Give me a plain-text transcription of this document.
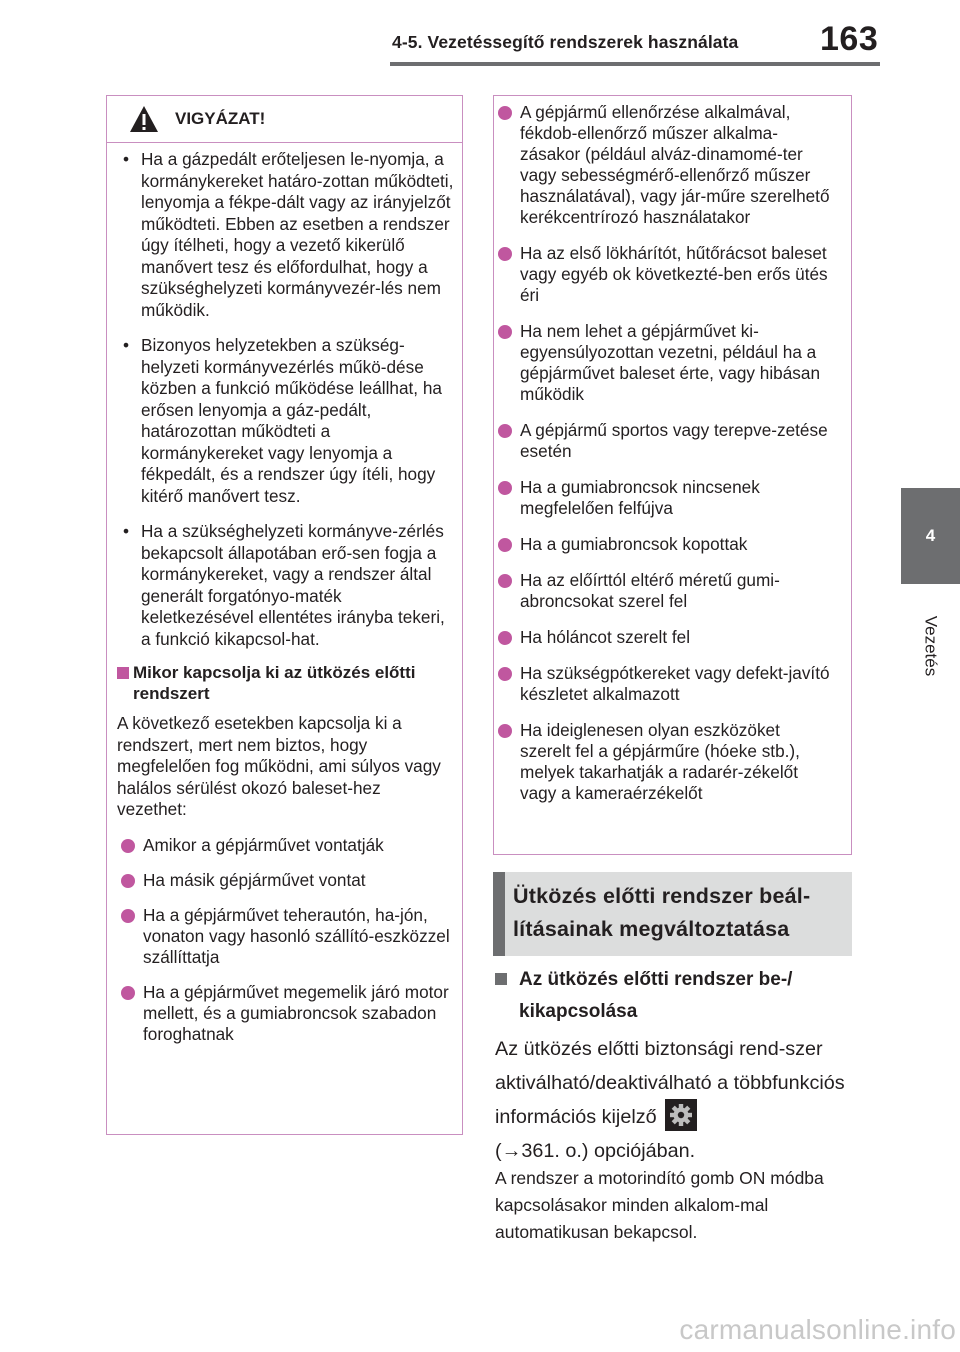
4-5. Vezetéssegítő rendszerek használata 163
4
Vezetés
VIGYÁZAT!
• Ha a gázpedált erőteljesen le-nyomja, a kormánykereket határo-zottan működteti, lenyomja a fékpe-dált vagy az irányjelzőt működteti. Ebben az esetben a rendszer úgy ítélheti, hogy a vezető kikerülő manővert tesz és előfordulhat, hogy a szükséghelyzeti kormányvezér-lés nem működik.
• Bizonyos helyzetekben a szükség-helyzeti kormányvezérlés műkö-dése közben a funkció működése leállhat, ha erősen lenyomja a gáz-pedált, határozottan működteti a kormánykereket vagy lenyomja a fékpedált, és a rendszer úgy ítéli, hogy kitérő manővert tesz.
• Ha a szükséghelyzeti kormányve-zérlés bekapcsolt állapotában erő-sen fogja a kormánykereket, vagy a rendszer által generált forgatónyo-maték keletkezésével ellentétes irányba tekeri, a funkció kikapcsol-hat.
Mikor kapcsolja ki az ütközés előtti rendszert
A következő esetekben kapcsolja ki a rendszert, mert nem biztos, hogy megfelelően fog működni, ami súlyos vagy halálos sérülést okozó baleset-hez vezethet:
Amikor a gépjárművet vontatják
Ha másik gépjárművet vontat
Ha a gépjárművet teherautón, ha-jón, vonaton vagy hasonló szállító-eszközzel szállíttatja
Ha a gépjárművet megemelik járó motor mellett, és a gumiabroncsok szabadon foroghatnak
A gépjármű ellenőrzése alkalmával, fékdob-ellenőrző műszer alkalma-zásakor (például alváz-dinamomé-ter vagy sebességmérő-ellenőrző műszer használatával), vagy jár-műre szerelhető kerékcentrírozó használatakor
Ha az első lökhárítót, hűtőrácsot baleset vagy egyéb ok következté-ben erős ütés éri
Ha nem lehet a gépjárművet ki-egyensúlyozottan vezetni, például ha a gépjárművet baleset érte, vagy hibásan működik
A gépjármű sportos vagy terepve-zetése esetén
Ha a gumiabroncsok nincsenek megfelelően felfújva
Ha a gumiabroncsok kopottak
Ha az előírttól eltérő méretű gumi-abroncsokat szerel fel
Ha hóláncot szerelt fel
Ha szükségpótkereket vagy defekt-javító készletet alkalmazott
Ha ideiglenesen olyan eszközöket szerelt fel a gépjárműre (hóeke stb.), melyek takarhatják a radarér-zékelőt vagy a kameraérzékelőt
Ütközés előtti rendszer beál-lításainak megváltoztatása
Az ütközés előtti rendszer be-/ kikapcsolása
Az ütközés előtti biztonsági rend-szer aktiválható/deaktiválható a többfunkciós információs kijelző

(→361. o.) opciójában.
A rendszer a motorindító gomb ON módba kapcsolásakor minden alkalom-mal automatikusan bekapcsol.
carmanualsonline.info
